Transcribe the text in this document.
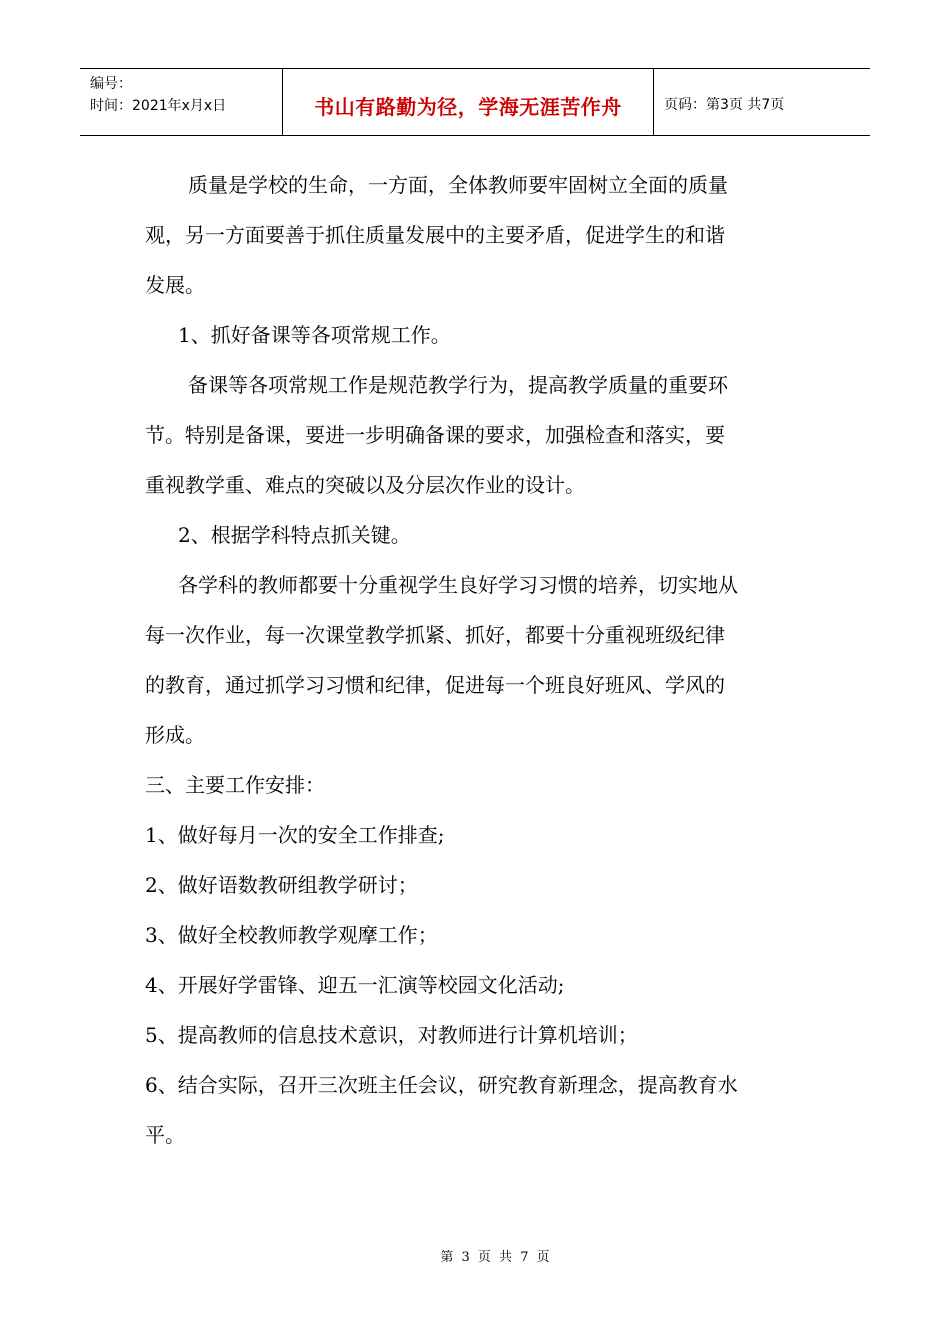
编号：
时间：2021年x月x日	书山有路勤为径，学海无涯苦作舟	页码：第3页 共7页
质量是学校的生命，一方面，全体教师要牢固树立全面的质量
观，另一方面要善于抓住质量发展中的主要矛盾，促进学生的和谐
发展。
1、抓好备课等各项常规工作。
备课等各项常规工作是规范教学行为，提高教学质量的重要环
节。特别是备课，要进一步明确备课的要求，加强检查和落实，要
重视教学重、难点的突破以及分层次作业的设计。
2、根据学科特点抓关键。
各学科的教师都要十分重视学生良好学习习惯的培养，切实地从
每一次作业，每一次课堂教学抓紧、抓好，都要十分重视班级纪律
的教育，通过抓学习习惯和纪律，促进每一个班良好班风、学风的
形成。
三、主要工作安排：
1、做好每月一次的安全工作排查;
2、做好语数教研组教学研讨；
3、做好全校教师教学观摩工作；
4、开展好学雷锋、迎五一汇演等校园文化活动;
5、提高教师的信息技术意识，对教师进行计算机培训；
6、结合实际，召开三次班主任会议，研究教育新理念，提高教育水
平。
第 3 页 共 7 页
